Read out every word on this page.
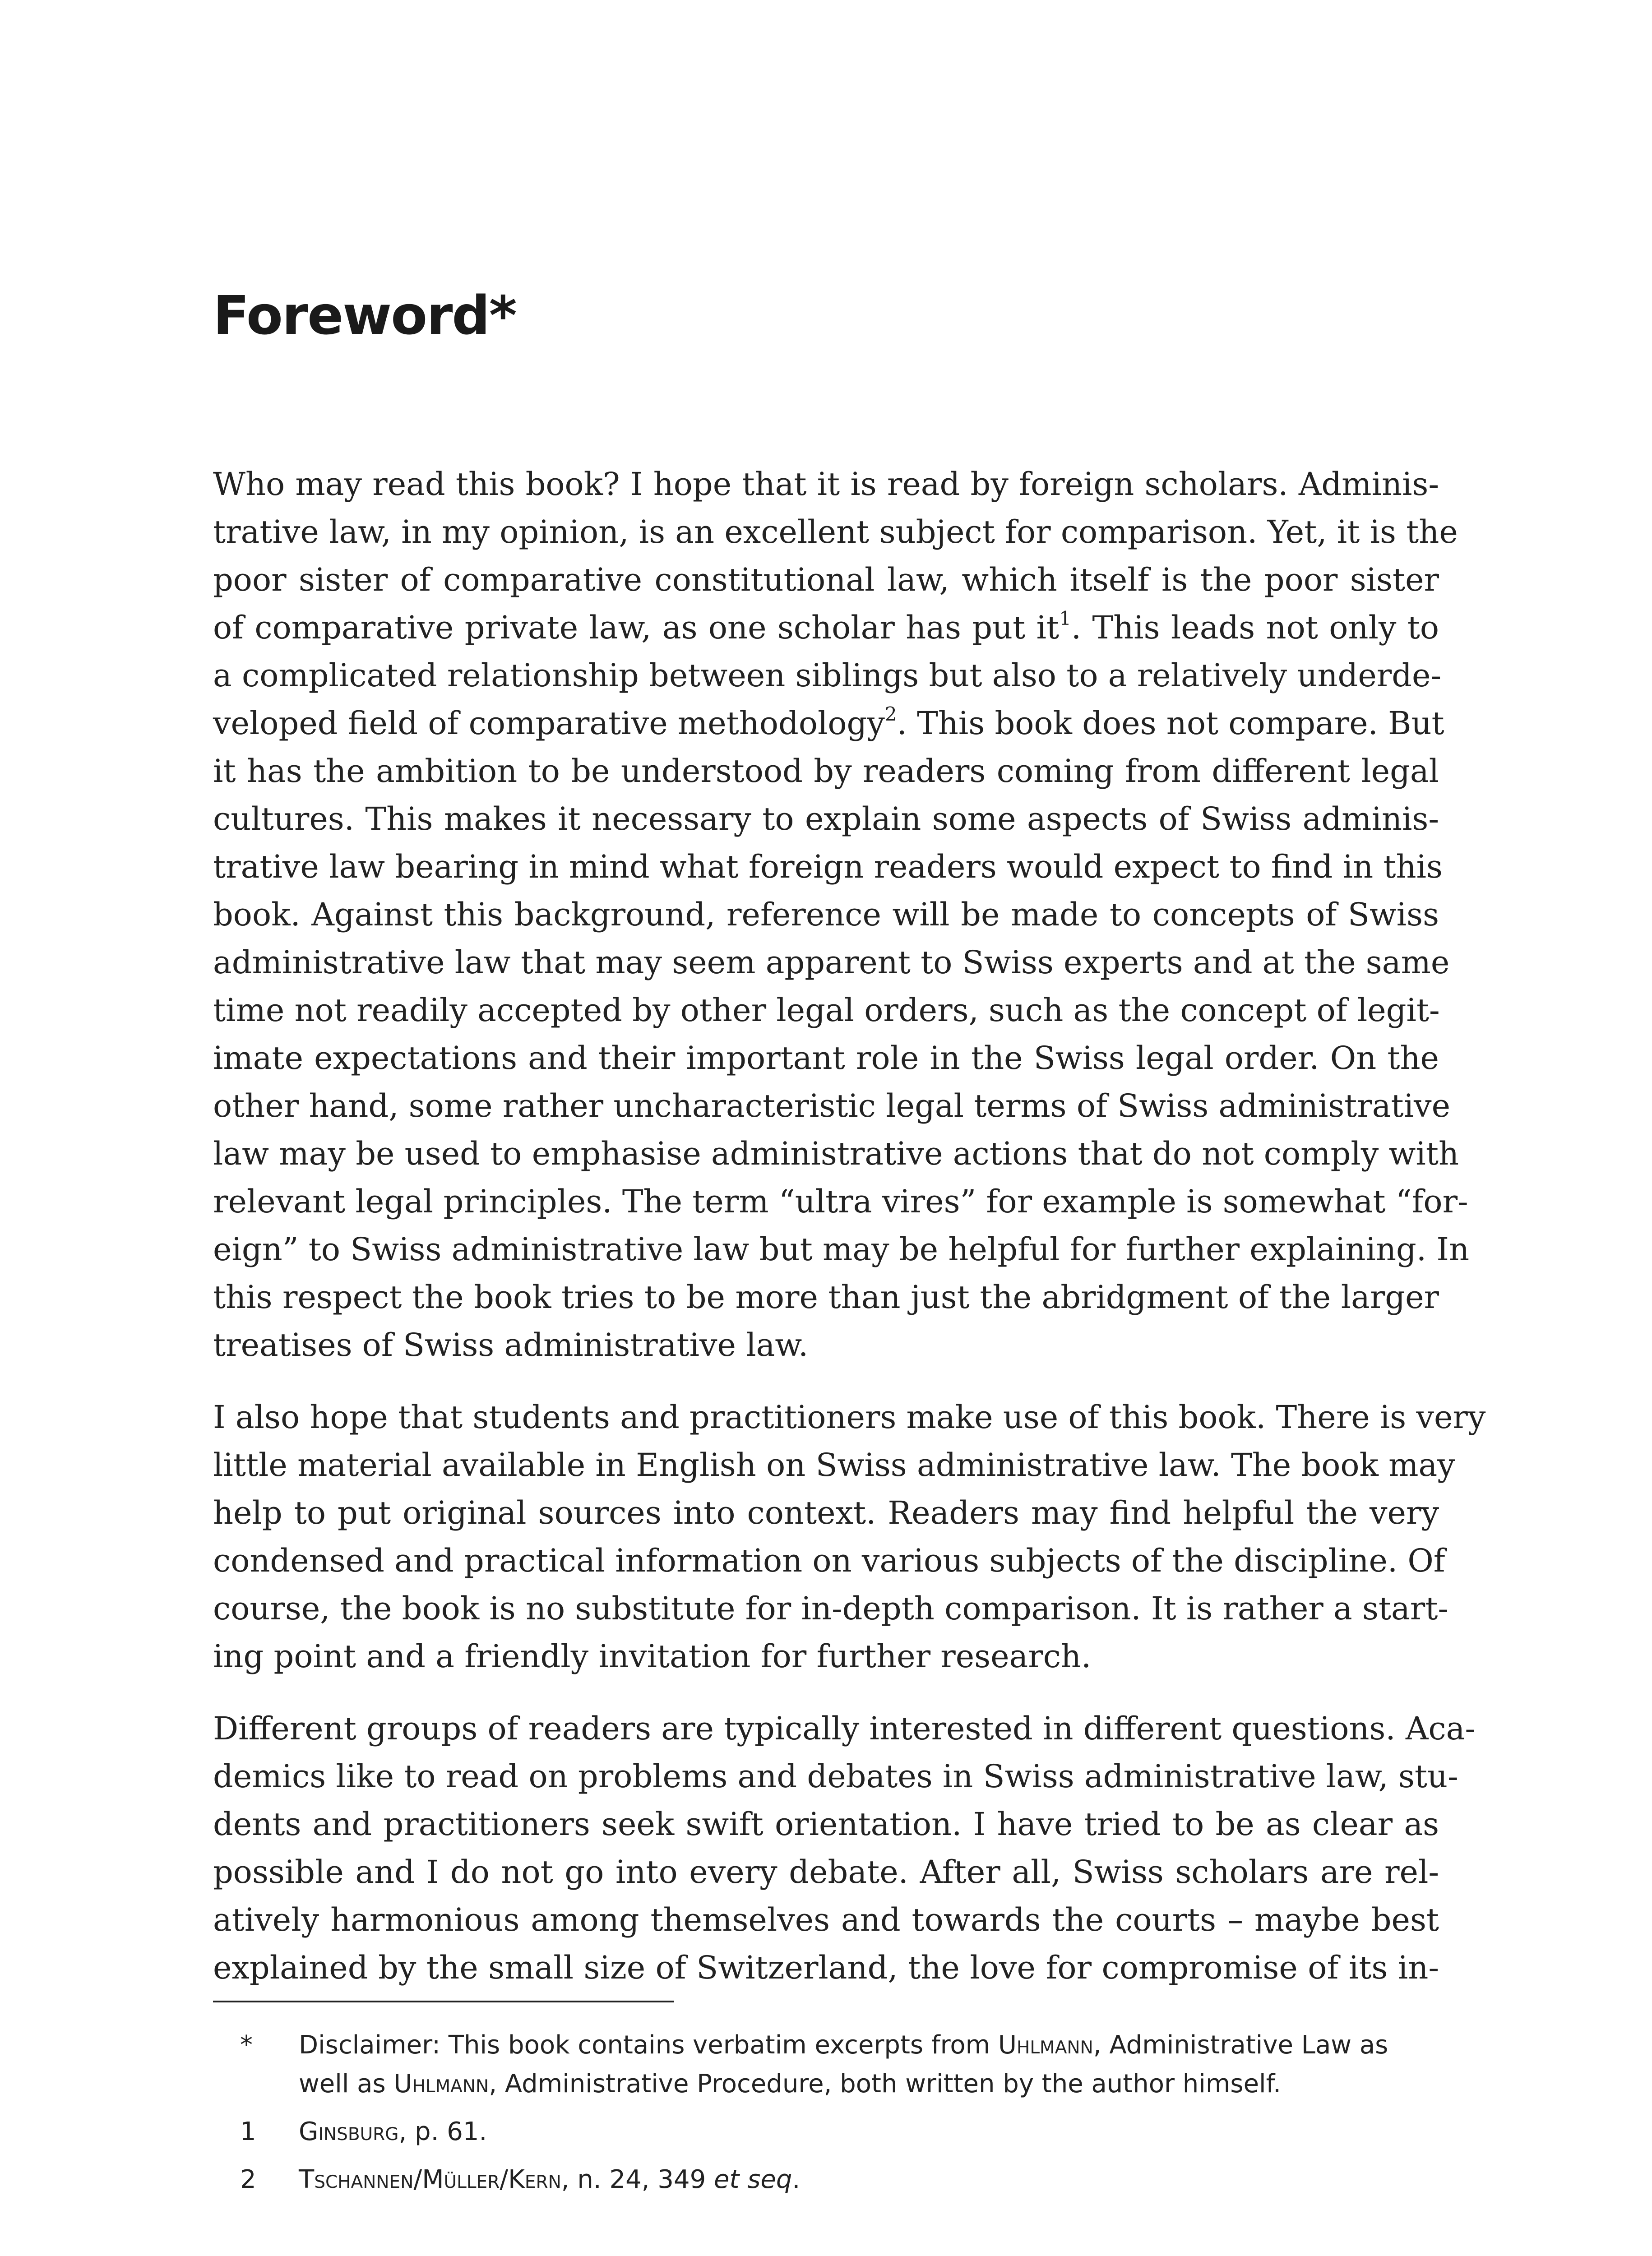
Foreword*

Who may read this book? I hope that it is read by foreign scholars. Adminis-
trative law, in my opinion, is an excellent subject for comparison. Yet, it is the
poor sister of comparative constitutional law, which itself is the poor sister
of comparative private law, as one scholar has put $it^1$. This leads not only to
a complicated relationship between siblings but also to a relatively underde-
veloped field of comparative methodology$^2$. This book does not compare. But
it has the ambition to be understood by readers coming from different legal
cultures. This makes it necessary to explain some aspects of Swiss adminis-
trative law bearing in mind what foreign readers would expect to find in this
book. Against this background, reference will be made to concepts of Swiss
administrative law that may seem apparent to Swiss experts and at the same
time not readily accepted by other legal orders, such as the concept of legit-
imate expectations and their important role in the Swiss legal order. On the
other hand, some rather uncharacteristic legal terms of Swiss administrative
law may be used to emphasise administrative actions that do not comply with
relevant legal principles. The term “ultra vires” for example is somewhat “for-
eign” to Swiss administrative law but may be helpful for further explaining. In
this respect the book tries to be more than just the abridgment of the larger
treatises of Swiss administrative law.

I also hope that students and practitioners make use of this book. There is very
little material available in English on Swiss administrative law. The book may
help to put original sources into context. Readers may find helpful the very
condensed and practical information on various subjects of the discipline. Of
course, the book is no substitute for in-depth comparison. It is rather a start-
ing point and a friendly invitation for further research.

Different groups of readers are typically interested in different questions. Aca-
demics like to read on problems and debates in Swiss administrative law, stu-
dents and practitioners seek swift orientation. I have tried to be as clear as
possible and I do not go into every debate. After all, Swiss scholars are rel-
atively harmonious among themselves and towards the courts – maybe best
explained by the small size of Switzerland, the love for compromise of its in-

* Disclaimer: This book contains verbatim excerpts from Uhlmann, Administrative Law as
well as Uhlmann, Administrative Procedure, both written by the author himself.
1 Ginsburg, p. 61.
2 Tschannen/Müller/Kern, n. 24, 349 et seq.
